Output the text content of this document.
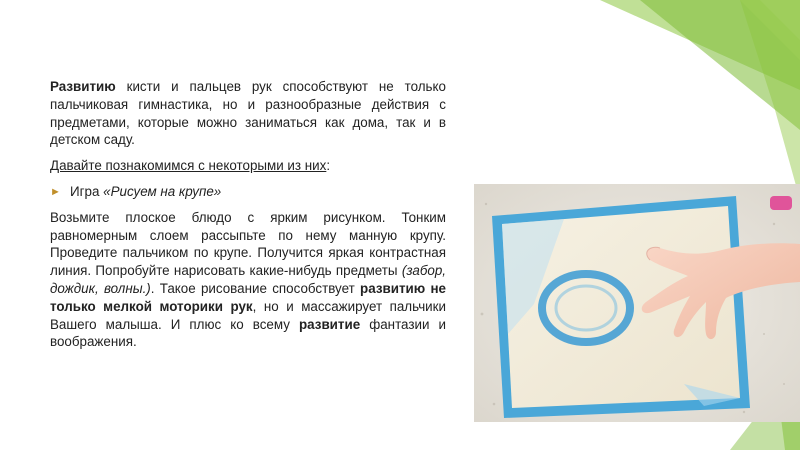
Развитию кисти и пальцев рук способствуют не только пальчиковая гимнастика, но и разнообразные действия с предметами, которые можно заниматься как дома, так и в детском саду.

Давайте познакомимся с некоторыми из них:

► Игра «Рисуем на крупе»

Возьмите плоское блюдо с ярким рисунком. Тонким равномерным слоем рассыпьте по нему манную крупу. Проведите пальчиком по крупе. Получится яркая контрастная линия. Попробуйте нарисовать какие-нибудь предметы (забор, дождик, волны.). Такое рисование способствует развитию не только мелкой моторики рук, но и массажирует пальчики Вашего малыша. И плюс ко всему развитие фантазии и воображения.
